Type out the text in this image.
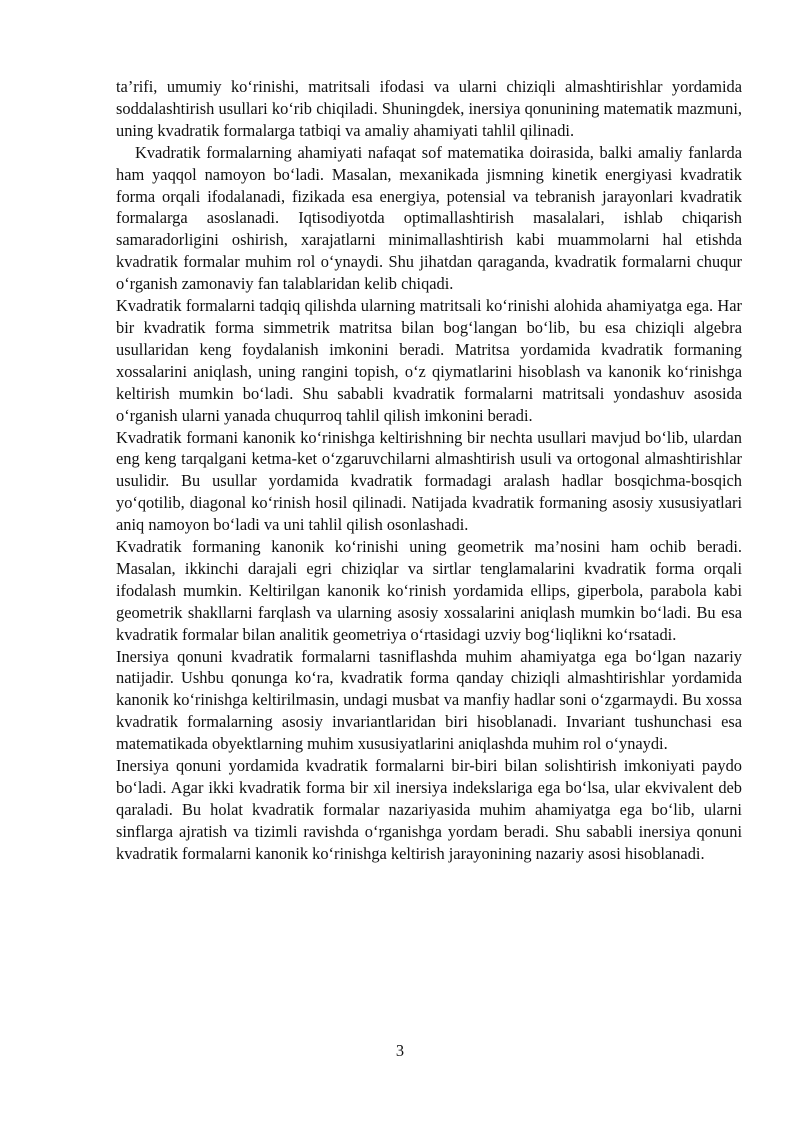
ta’rifi, umumiy ko‘rinishi, matritsali ifodasi va ularni chiziqli almashtirishlar yordamida soddalashtirish usullari ko‘rib chiqiladi. Shuningdek, inersiya qonunining matematik mazmuni, uning kvadratik formalarga tatbiqi va amaliy ahamiyati tahlil qilinadi.

Kvadratik formalarning ahamiyati nafaqat sof matematika doirasida, balki amaliy fanlarda ham yaqqol namoyon bo‘ladi. Masalan, mexanikada jismning kinetik energiyasi kvadratik forma orqali ifodalanadi, fizikada esa energiya, potensial va tebranish jarayonlari kvadratik formalarga asoslanadi. Iqtisodiyotda optimallashtirish masalalari, ishlab chiqarish samaradorligini oshirish, xarajatlarni minimallashtirish kabi muammolarni hal etishda kvadratik formalar muhim rol o‘ynaydi. Shu jihatdan qaraganda, kvadratik formalarni chuqur o‘rganish zamonaviy fan talablaridan kelib chiqadi.

Kvadratik formalarni tadqiq qilishda ularning matritsali ko‘rinishi alohida ahamiyatga ega. Har bir kvadratik forma simmetrik matritsa bilan bog‘langan bo‘lib, bu esa chiziqli algebra usullaridan keng foydalanish imkonini beradi. Matritsa yordamida kvadratik formaning xossalarini aniqlash, uning rangini topish, o‘z qiymatlarini hisoblash va kanonik ko‘rinishga keltirish mumkin bo‘ladi. Shu sababli kvadratik formalarni matritsali yondashuv asosida o‘rganish ularni yanada chuqurroq tahlil qilish imkonini beradi.

Kvadratik formani kanonik ko‘rinishga keltirishning bir nechta usullari mavjud bo‘lib, ulardan eng keng tarqalgani ketma-ket o‘zgaruvchilarni almashtirish usuli va ortogonal almashtirishlar usulidir. Bu usullar yordamida kvadratik formadagi aralash hadlar bosqichma-bosqich yo‘qotilib, diagonal ko‘rinish hosil qilinadi. Natijada kvadratik formaning asosiy xususiyatlari aniq namoyon bo‘ladi va uni tahlil qilish osonlashadi.

Kvadratik formaning kanonik ko‘rinishi uning geometrik ma’nosini ham ochib beradi. Masalan, ikkinchi darajali egri chiziqlar va sirtlar tenglamalarini kvadratik forma orqali ifodalash mumkin. Keltirilgan kanonik ko‘rinish yordamida ellips, giperbola, parabola kabi geometrik shakllarni farqlash va ularning asosiy xossalarini aniqlash mumkin bo‘ladi. Bu esa kvadratik formalar bilan analitik geometriya o‘rtasidagi uzviy bog‘liqlikni ko‘rsatadi.

Inersiya qonuni kvadratik formalarni tasniflashda muhim ahamiyatga ega bo‘lgan nazariy natijadir. Ushbu qonunga ko‘ra, kvadratik forma qanday chiziqli almashtirishlar yordamida kanonik ko‘rinishga keltirilmasin, undagi musbat va manfiy hadlar soni o‘zgarmaydi. Bu xossa kvadratik formalarning asosiy invariantlaridan biri hisoblanadi. Invariant tushunchasi esa matematikada obyektlarning muhim xususiyatlarini aniqlashda muhim rol o‘ynaydi.

Inersiya qonuni yordamida kvadratik formalarni bir-biri bilan solishtirish imkoniyati paydo bo‘ladi. Agar ikki kvadratik forma bir xil inersiya indekslariga ega bo‘lsa, ular ekvivalent deb qaraladi. Bu holat kvadratik formalar nazariyasida muhim ahamiyatga ega bo‘lib, ularni sinflarga ajratish va tizimli ravishda o‘rganishga yordam beradi. Shu sababli inersiya qonuni kvadratik formalarni kanonik ko‘rinishga keltirish jarayonining nazariy asosi hisoblanadi.

3
